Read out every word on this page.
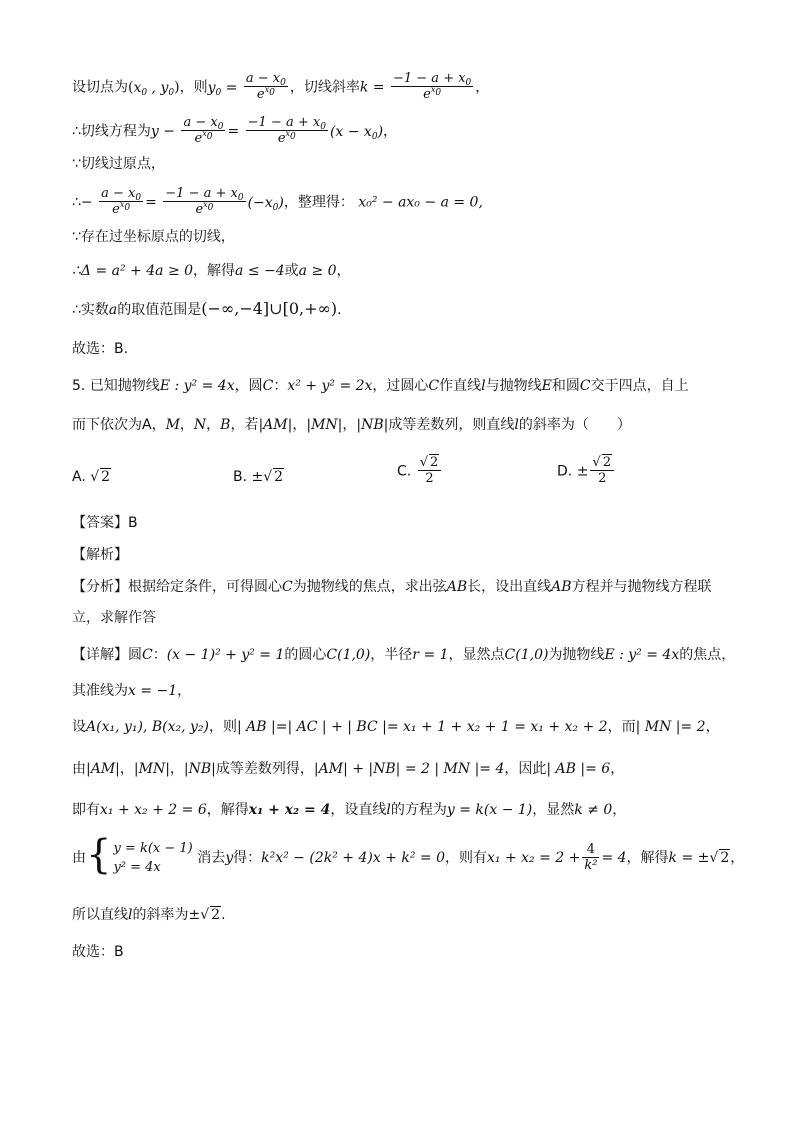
设切点为($x_0$ , $y_0$)，则$y_0 = \frac{a - x_0}{e^{x_0}}$ ，切线斜率$k = \frac{-1 - a + x_0}{e^{x_0}}$ ，
∴切线方程为$y - \frac{a - x_0}{e^{x_0}} = \frac{-1 - a + x_0}{e^{x_0}} (x - x_0)$，
∵切线过原点，
∴− $\frac{a - x_0}{e^{x_0}} = \frac{-1 - a + x_0}{e^{x_0}} (-x_0)$，整理得： x₀² − ax₀ − a = 0,
∵存在过坐标原点的切线，
∴Δ = a² + 4a ≥ 0，解得a ≤ −4或a ≥ 0，
∴实数a的取值范围是(−∞,−4]∪[0,+∞).
故选：B.
5. 已知抛物线E : y² = 4x，圆C：x² + y² = 2x，过圆心C作直线l与抛物线E和圆C交于四点，自上
而下依次为A，M，N，B，若|AM|，|MN|，|NB|成等差数列，则直线l的斜率为（　　）
A. √ 2	B. ±√ 2	C. $\frac{√ 2}{2}$	D. ± $\frac{√ 2}{2}$
【答案】B
【解析】
【分析】根据给定条件，可得圆心C为抛物线的焦点，求出弦AB长，设出直线AB方程并与抛物线方程联
立，求解作答
【详解】圆C：(x − 1)² + y² = 1的圆心C(1,0)，半径r = 1，显然点C(1,0)为抛物线E : y² = 4x的焦点，
其准线为x = −1，
设A(x₁, y₁), B(x₂, y₂)，则| AB |=| AC | + | BC |= x₁ + 1 + x₂ + 1 = x₁ + x₂ + 2，而| MN |= 2，
由|AM|，|MN|，|NB|成等差数列得，|AM| + |NB| = 2 | MN |= 4，因此| AB |= 6，
即有x₁ + x₂ + 2 = 6，解得x₁ + x₂ = 4，设直线l的方程为y = k(x − 1)，显然k ≠ 0，
由{ y = k(x − 1)
y² = 4x
消去y得：k²x² − (2k² + 4)x + k² = 0，则有$x_1 + x_2 = 2 + \frac{4}{\text{k²}} = 4$，解得k = ±√ 2，
所以直线l的斜率为±√ 2.
故选：B
